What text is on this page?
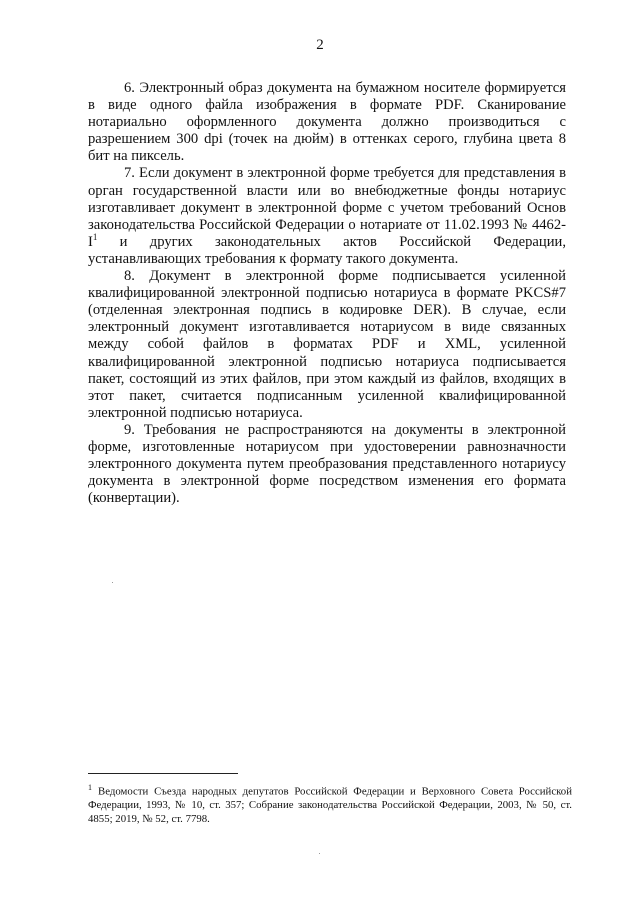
2

6. Электронный образ документа на бумажном носителе формируется в виде одного файла изображения в формате PDF. Сканирование нотариально оформленного документа должно производиться с разрешением 300 dpi (точек на дюйм) в оттенках серого, глубина цвета 8 бит на пиксель.

7. Если документ в электронной форме требуется для представления в орган государственной власти или во внебюджетные фонды нотариус изготавливает документ в электронной форме с учетом требований Основ законодательства Российской Федерации о нотариате от 11.02.1993 № $4462-I^1$ и других законодательных актов Российской Федерации, устанавливающих требования к формату такого документа.

8. Документ в электронной форме подписывается усиленной квалифицированной электронной подписью нотариуса в формате PKCS#7 (отделенная электронная подпись в кодировке DER). В случае, если электронный документ изготавливается нотариусом в виде связанных между собой файлов в форматах PDF и XML, усиленной квалифицированной электронной подписью нотариуса подписывается пакет, состоящий из этих файлов, при этом каждый из файлов, входящих в этот пакет, считается подписанным усиленной квалифицированной электронной подписью нотариуса.

9. Требования не распространяются на документы в электронной форме, изготовленные нотариусом при удостоверении равнозначности электронного документа путем преобразования представленного нотариусу документа в электронной форме посредством изменения его формата (конвертации).

$^1$ Ведомости Съезда народных депутатов Российской Федерации и Верховного Совета Российской Федерации, 1993, № 10, ст. 357; Собрание законодательства Российской Федерации, 2003, № 50, ст. 4855; 2019, № 52, ст. 7798.
